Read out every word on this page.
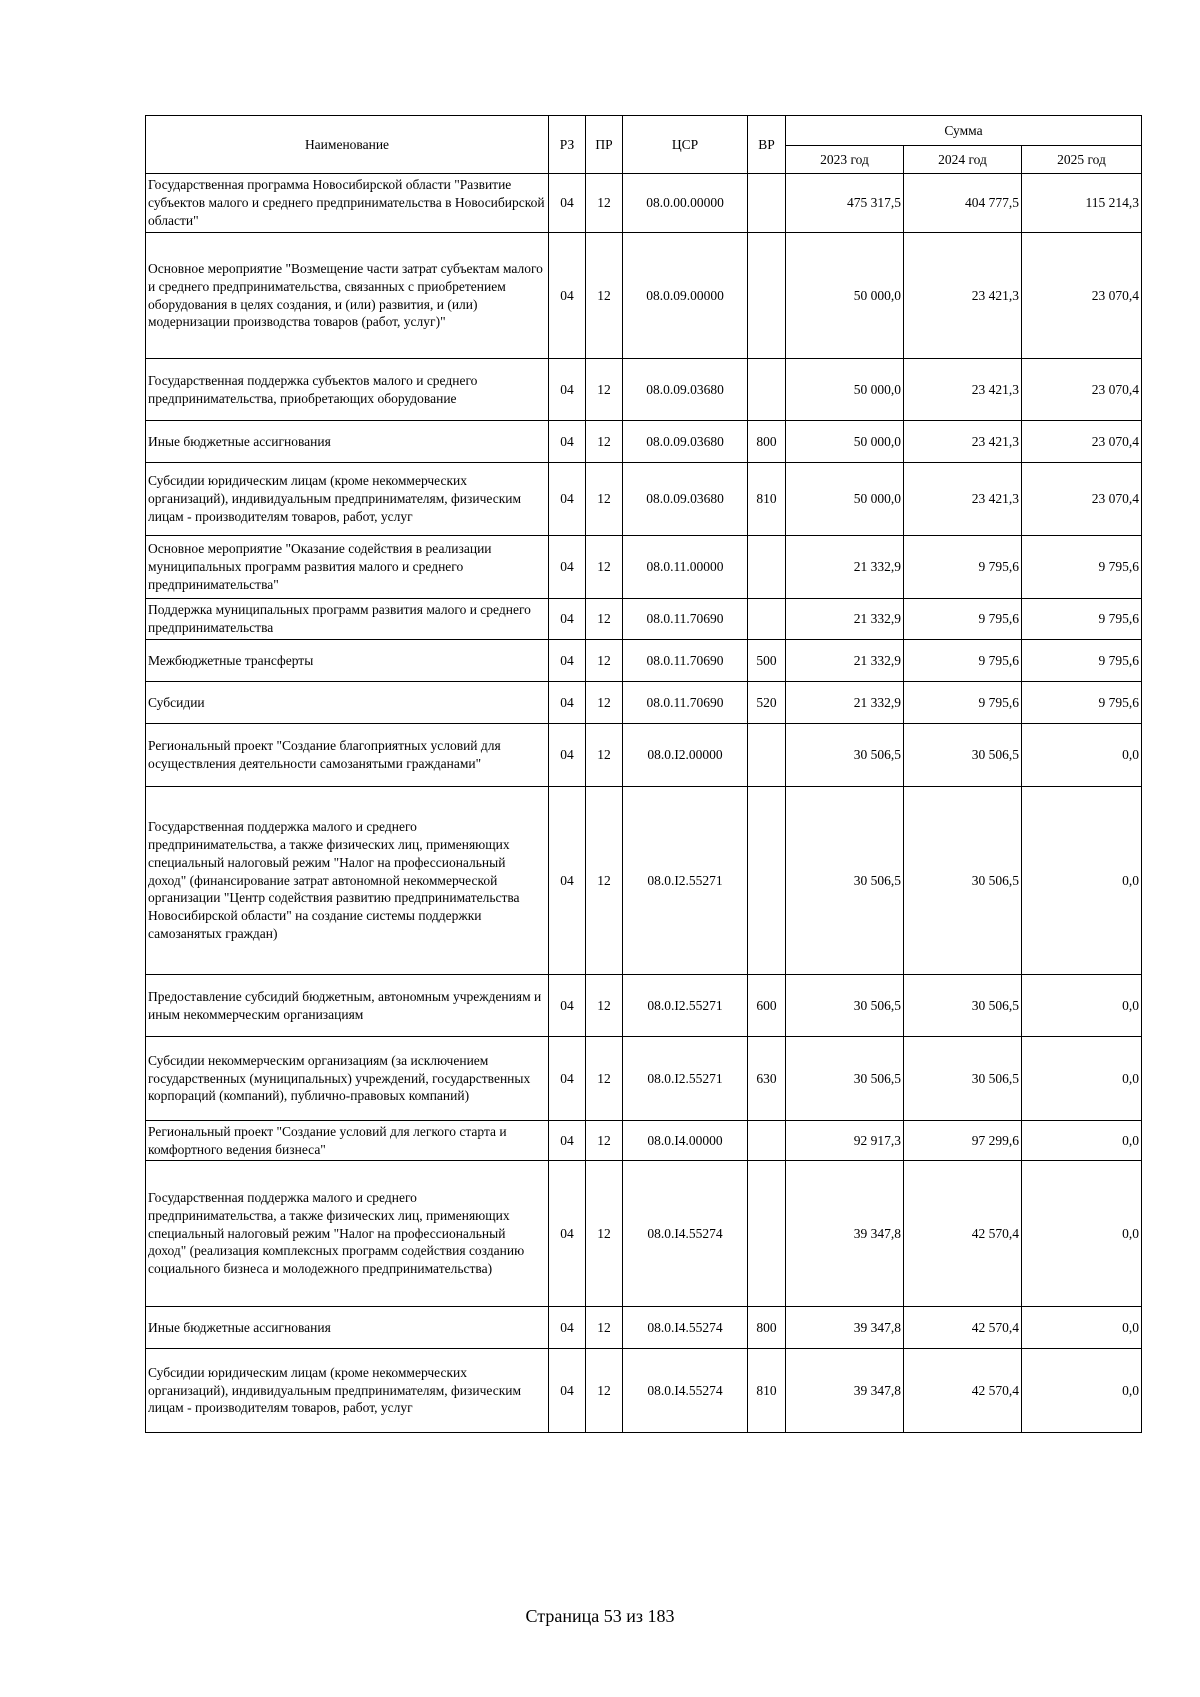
Наименование	РЗ	ПР	ЦСР	ВР	Сумма		
					2023 год	2024 год	2025 год
Государственная программа Новосибирской области "Развитие субъектов малого и среднего предпринимательства в Новосибирской области"	04	12	08.0.00.00000		475 317,5	404 777,5	115 214,3
Основное мероприятие "Возмещение части затрат субъектам малого и среднего предпринимательства, связанных с приобретением оборудования в целях создания, и (или) развития, и (или) модернизации производства товаров (работ, услуг)"	04	12	08.0.09.00000		50 000,0	23 421,3	23 070,4
Государственная поддержка субъектов малого и среднего предпринимательства, приобретающих оборудование	04	12	08.0.09.03680		50 000,0	23 421,3	23 070,4
Иные бюджетные ассигнования	04	12	08.0.09.03680	800	50 000,0	23 421,3	23 070,4
Субсидии юридическим лицам (кроме некоммерческих организаций), индивидуальным предпринимателям, физическим лицам - производителям товаров, работ, услуг	04	12	08.0.09.03680	810	50 000,0	23 421,3	23 070,4
Основное мероприятие "Оказание содействия в реализации муниципальных программ развития малого и среднего предпринимательства"	04	12	08.0.11.00000		21 332,9	9 795,6	9 795,6
Поддержка муниципальных программ развития малого и среднего предпринимательства	04	12	08.0.11.70690		21 332,9	9 795,6	9 795,6
Межбюджетные трансферты	04	12	08.0.11.70690	500	21 332,9	9 795,6	9 795,6
Субсидии	04	12	08.0.11.70690	520	21 332,9	9 795,6	9 795,6
Региональный проект "Создание благоприятных условий для осуществления деятельности самозанятыми гражданами"	04	12	08.0.I2.00000		30 506,5	30 506,5	0,0
Государственная поддержка малого и среднего предпринимательства, а также физических лиц, применяющих специальный налоговый режим "Налог на профессиональный доход" (финансирование затрат автономной некоммерческой организации "Центр содействия развитию предпринимательства Новосибирской области" на создание системы поддержки самозанятых граждан)	04	12	08.0.I2.55271		30 506,5	30 506,5	0,0
Предоставление субсидий бюджетным, автономным учреждениям и иным некоммерческим организациям	04	12	08.0.I2.55271	600	30 506,5	30 506,5	0,0
Субсидии некоммерческим организациям (за исключением государственных (муниципальных) учреждений, государственных корпораций (компаний), публично-правовых компаний)	04	12	08.0.I2.55271	630	30 506,5	30 506,5	0,0
Региональный проект "Создание условий для легкого старта и комфортного ведения бизнеса"	04	12	08.0.I4.00000		92 917,3	97 299,6	0,0
Государственная поддержка малого и среднего предпринимательства, а также физических лиц, применяющих специальный налоговый режим "Налог на профессиональный доход" (реализация комплексных программ содействия созданию социального бизнеса и молодежного предпринимательства)	04	12	08.0.I4.55274		39 347,8	42 570,4	0,0
Иные бюджетные ассигнования	04	12	08.0.I4.55274	800	39 347,8	42 570,4	0,0
Субсидии юридическим лицам (кроме некоммерческих организаций), индивидуальным предпринимателям, физическим лицам - производителям товаров, работ, услуг	04	12	08.0.I4.55274	810	39 347,8	42 570,4	0,0
Страница 53 из 183
